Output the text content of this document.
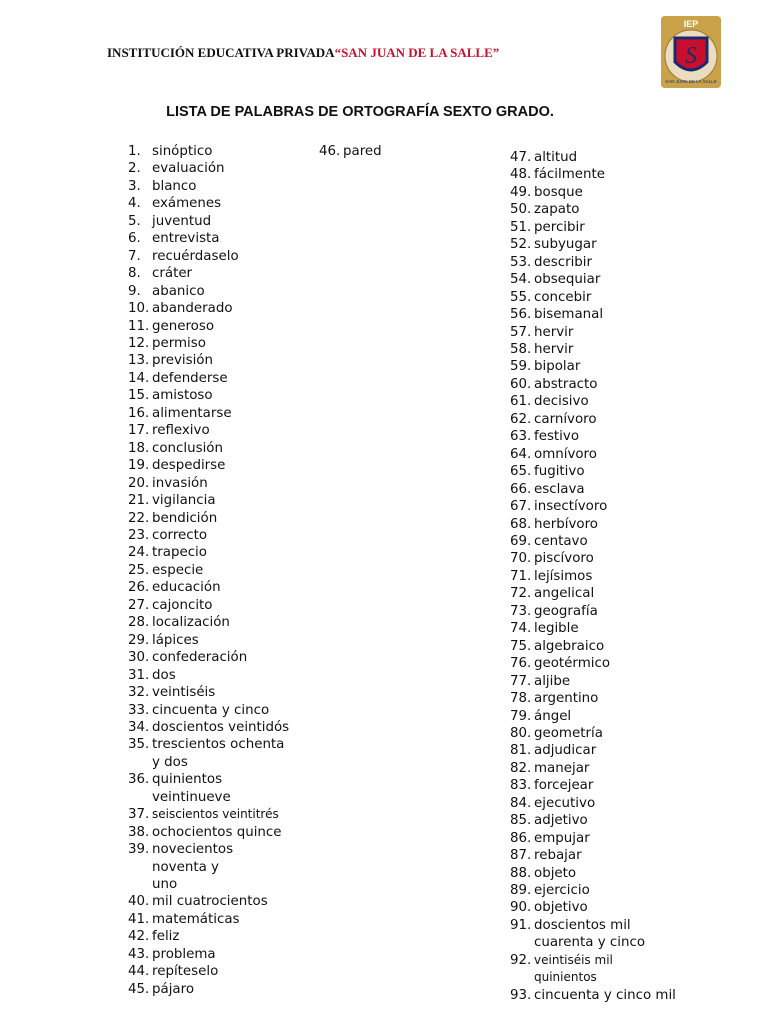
INSTITUCIÓN EDUCATIVA PRIVADA“SAN JUAN DE LA SALLE”
IEP
S
SAN JUAN DE LA SALLE
LISTA DE PALABRAS DE ORTOGRAFÍA SEXTO GRADO.
1. sinóptico
2. evaluación
3. blanco
4. exámenes
5. juventud
6. entrevista
7. recuérdaselo
8. cráter
9. abanico
10. abanderado
11. generoso
12. permiso
13. previsión
14. defenderse
15. amistoso
16. alimentarse
17. reflexivo
18. conclusión
19. despedirse
20. invasión
21. vigilancia
22. bendición
23. correcto
24. trapecio
25. especie
26. educación
27. cajoncito
28. localización
29. lápices
30. confederación
31. dos
32. veintiséis
33. cincuenta y cinco
34. doscientos veintidós
35. trescientos ochenta
y dos
36. quinientos
veintinueve
37. seiscientos veintitrés
38. ochocientos quince
39. novecientos
noventa y
uno
40. mil cuatrocientos
41. matemáticas
42. feliz
43. problema
44. repíteselo
45. pájaro
46. pared	47. altitud
48. fácilmente
49. bosque
50. zapato
51. percibir
52. subyugar
53. describir
54. obsequiar
55. concebir
56. bisemanal
57. hervir
58. hervir
59. bipolar
60. abstracto
61. decisivo
62. carnívoro
63. festivo
64. omnívoro
65. fugitivo
66. esclava
67. insectívoro
68. herbívoro
69. centavo
70. piscívoro
71. lejísimos
72. angelical
73. geografía
74. legible
75. algebraico
76. geotérmico
77. aljibe
78. argentino
79. ángel
80. geometría
81. adjudicar
82. manejar
83. forcejear
84. ejecutivo
85. adjetivo
86. empujar
87. rebajar
88. objeto
89. ejercicio
90. objetivo
91. doscientos mil
cuarenta y cinco
92. veintiséis mil
quinientos
93. cincuenta y cinco mil
